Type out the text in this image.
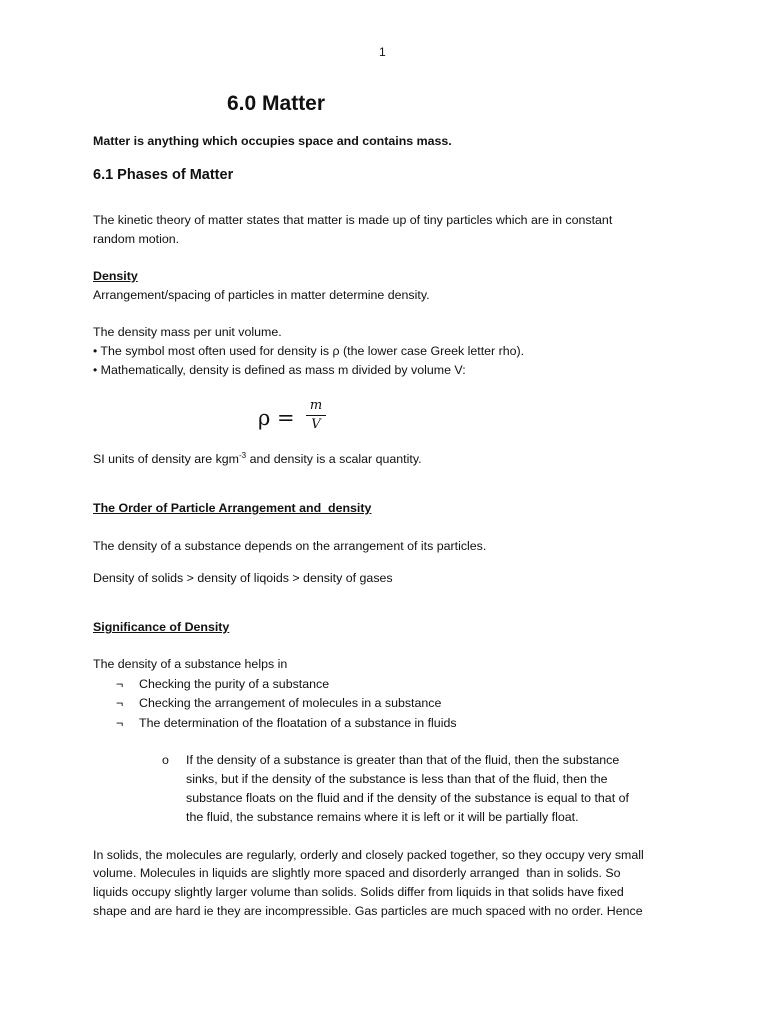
1
6.0 Matter
Matter is anything which occupies space and contains mass.
6.1 Phases of Matter
The kinetic theory of matter states that matter is made up of tiny particles which are in constant
random motion.
Density
Arrangement/spacing of particles in matter determine density.
The density mass per unit volume.
• The symbol most often used for density is ρ (the lower case Greek letter rho).
• Mathematically, density is defined as mass m divided by volume V:
ρ =
m
V
SI units of density are kgm$^{-3}$ and density is a scalar quantity.
The Order of Particle Arrangement and  density
The density of a substance depends on the arrangement of its particles.
Density of solids > density of liqoids > density of gases
Significance of Density
The density of a substance helps in
¬ Checking the purity of a substance
¬ Checking the arrangement of molecules in a substance
¬ The determination of the floatation of a substance in fluids
o If the density of a substance is greater than that of the fluid, then the substance
sinks, but if the density of the substance is less than that of the fluid, then the
substance floats on the fluid and if the density of the substance is equal to that of
the fluid, the substance remains where it is left or it will be partially float.
In solids, the molecules are regularly, orderly and closely packed together, so they occupy very small
volume. Molecules in liquids are slightly more spaced and disorderly arranged  than in solids. So
liquids occupy slightly larger volume than solids. Solids differ from liquids in that solids have fixed
shape and are hard ie they are incompressible. Gas particles are much spaced with no order. Hence
